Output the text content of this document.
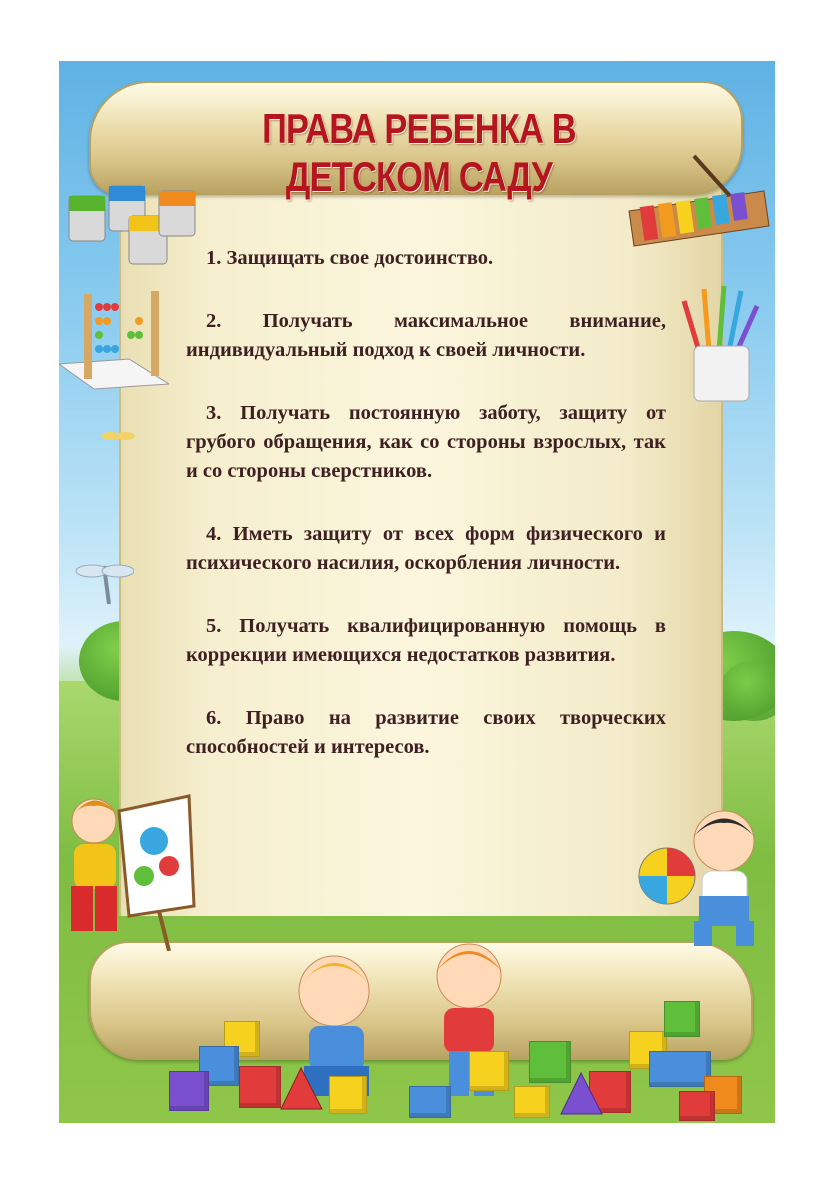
ПРАВА РЕБЕНКА В ДЕТСКОМ САДУ

1. Защищать свое достоинство.

2. Получать максимальное внимание, индивидуальный подход к своей личности.

3. Получать постоянную заботу, защиту от грубого обращения, как со стороны взрослых, так и со стороны сверстников.

4. Иметь защиту от всех форм физического и психического насилия, оскорбления личности.

5. Получать квалифицированную помощь в коррекции имеющихся недостатков развития.

6. Право на развитие своих творческих способностей и интересов.
